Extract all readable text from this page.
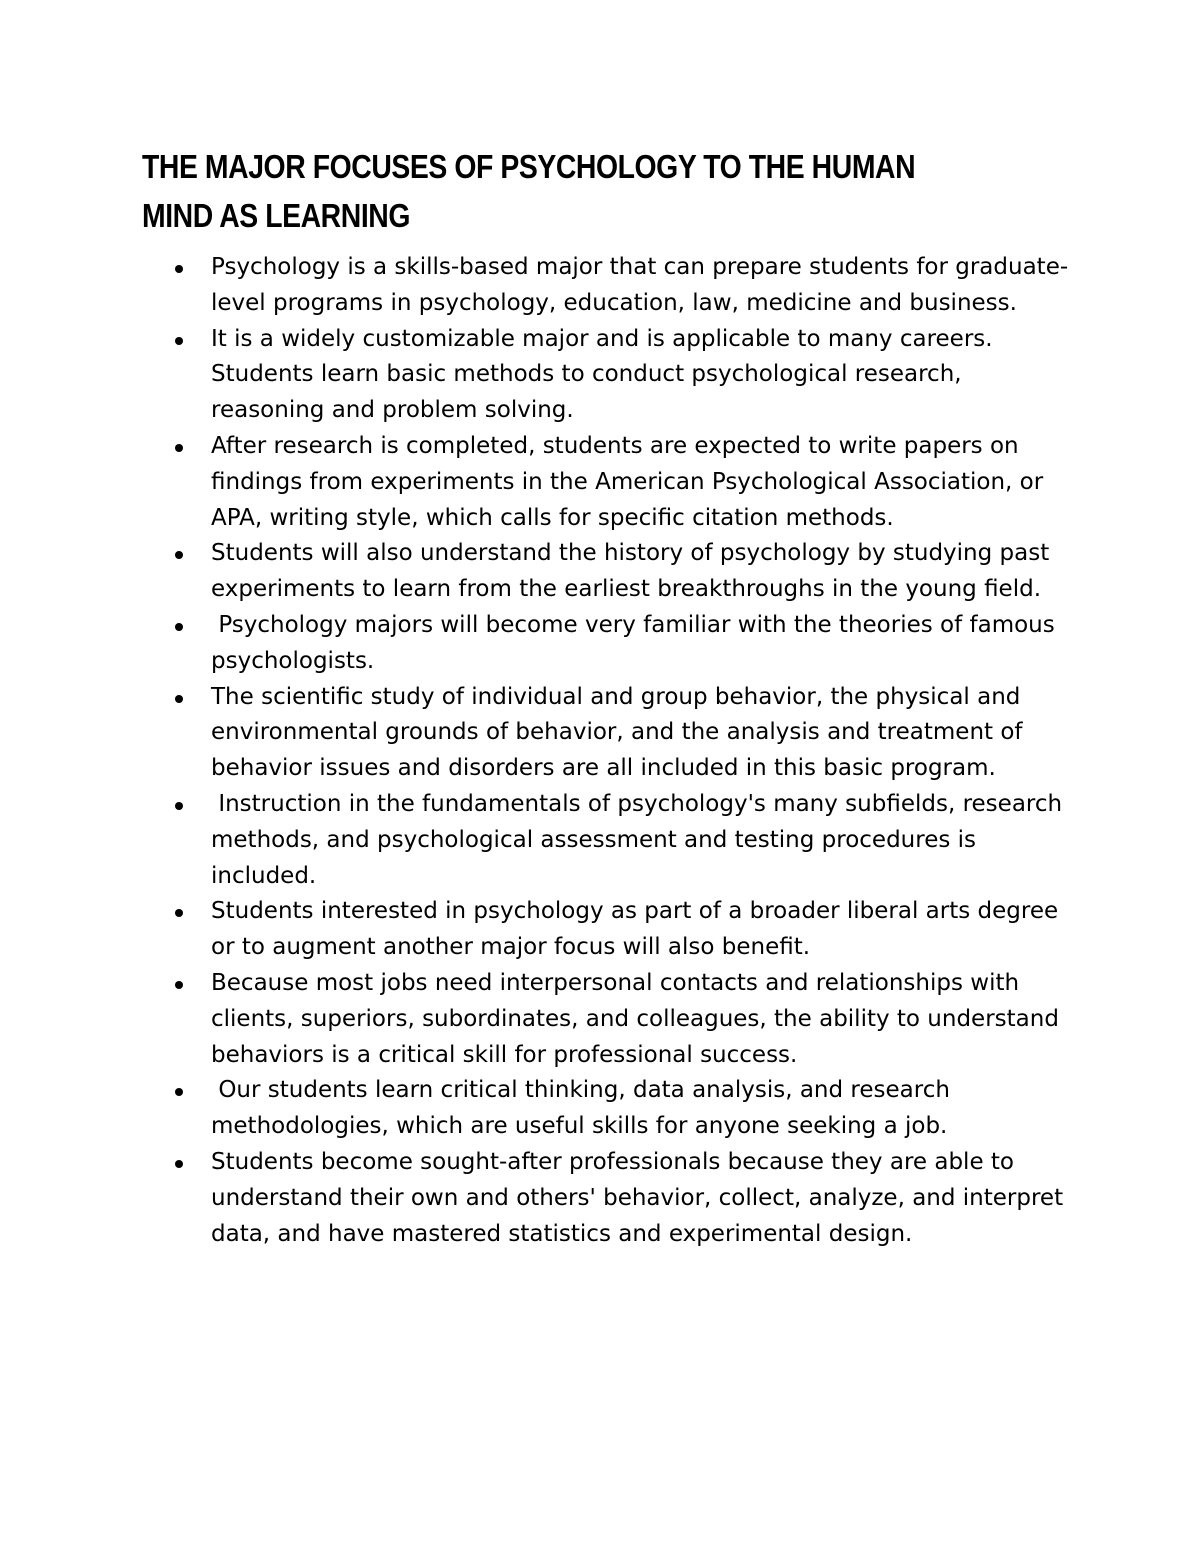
THE MAJOR FOCUSES OF PSYCHOLOGY TO THE HUMAN MIND AS LEARNING
Psychology is a skills-based major that can prepare students for graduate-level programs in psychology, education, law, medicine and business.
It is a widely customizable major and is applicable to many careers. Students learn basic methods to conduct psychological research, reasoning and problem solving.
After research is completed, students are expected to write papers on findings from experiments in the American Psychological Association, or APA, writing style, which calls for specific citation methods.
Students will also understand the history of psychology by studying past experiments to learn from the earliest breakthroughs in the young field.
Psychology majors will become very familiar with the theories of famous psychologists.
The scientific study of individual and group behavior, the physical and environmental grounds of behavior, and the analysis and treatment of behavior issues and disorders are all included in this basic program.
Instruction in the fundamentals of psychology's many subfields, research methods, and psychological assessment and testing procedures is included.
Students interested in psychology as part of a broader liberal arts degree or to augment another major focus will also benefit.
Because most jobs need interpersonal contacts and relationships with clients, superiors, subordinates, and colleagues, the ability to understand behaviors is a critical skill for professional success.
Our students learn critical thinking, data analysis, and research methodologies, which are useful skills for anyone seeking a job.
Students become sought-after professionals because they are able to understand their own and others' behavior, collect, analyze, and interpret data, and have mastered statistics and experimental design.
